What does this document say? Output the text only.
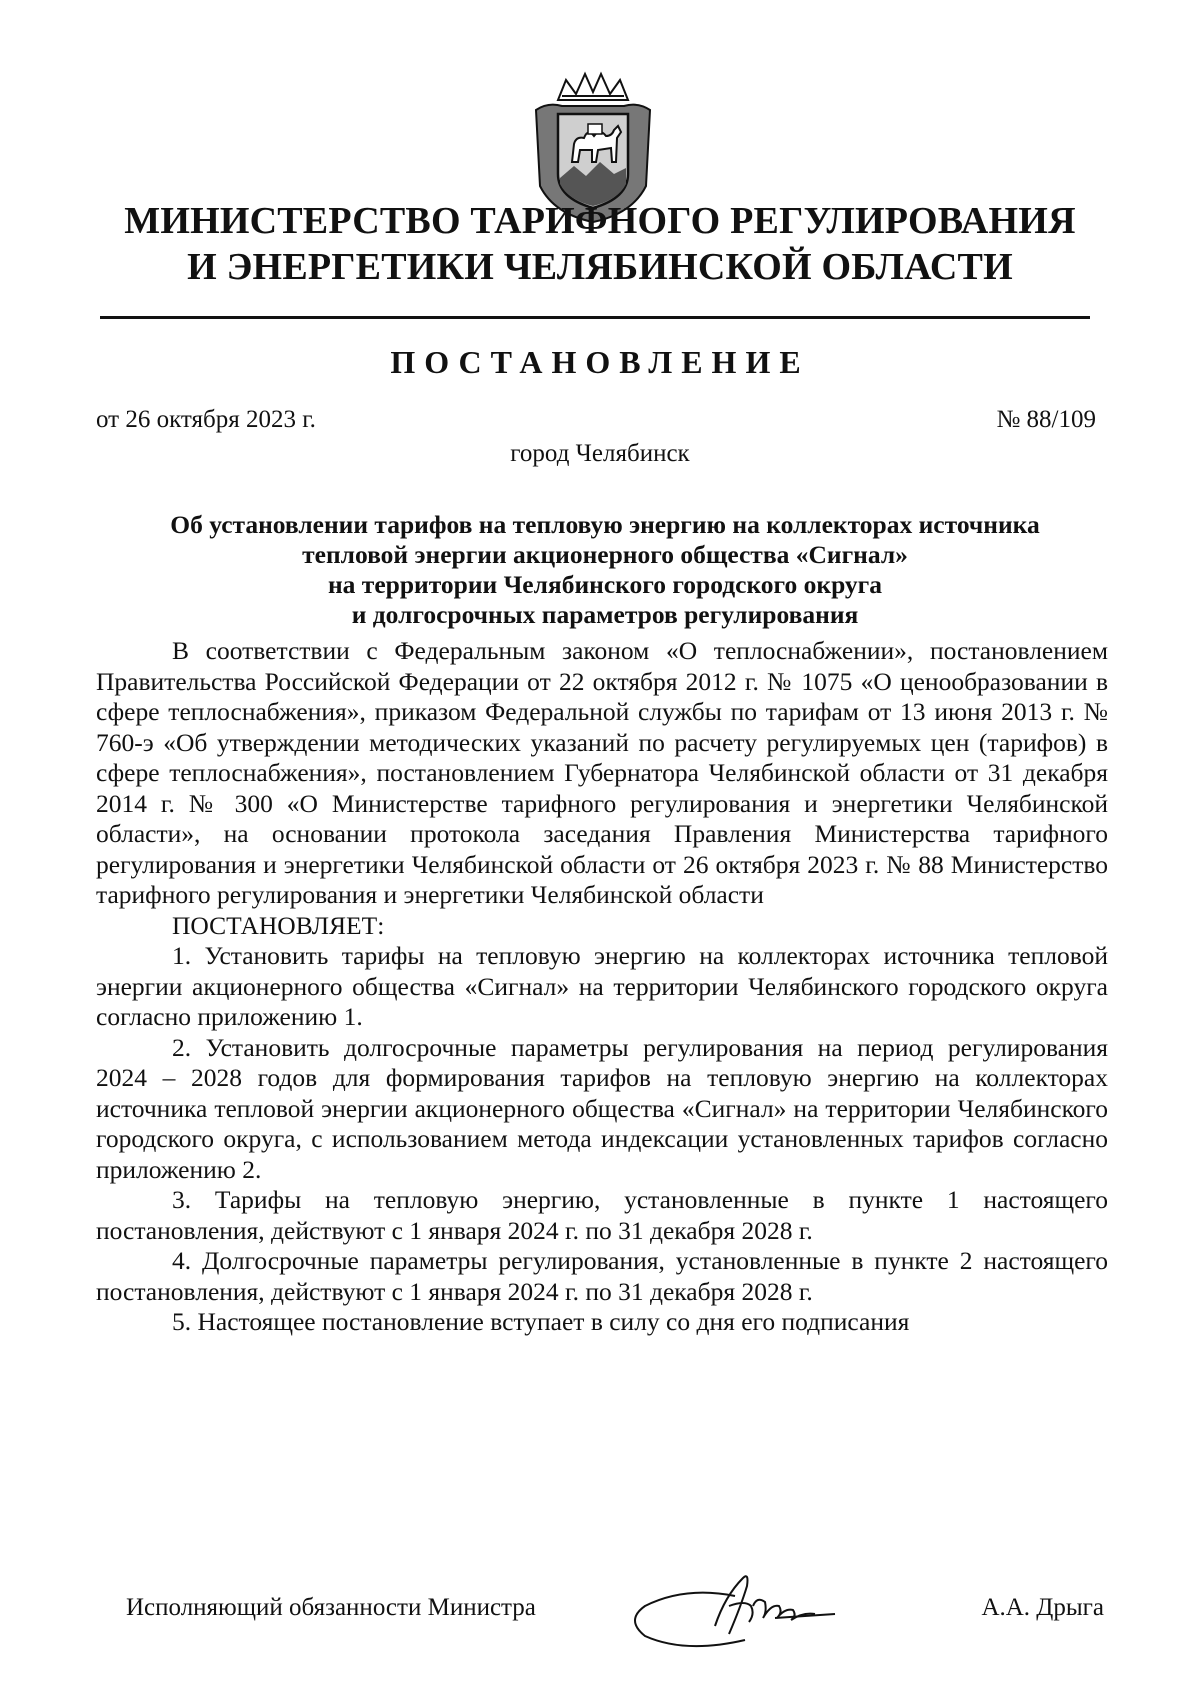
МИНИСТЕРСТВО ТАРИФНОГО РЕГУЛИРОВАНИЯ
И ЭНЕРГЕТИКИ ЧЕЛЯБИНСКОЙ ОБЛАСТИ
ПОСТАНОВЛЕНИЕ
от 26 октября 2023 г.	№ 88/109
город Челябинск
Об установлении тарифов на тепловую энергию на коллекторах источника
тепловой энергии акционерного общества «Сигнал»
на территории Челябинского городского округа
и долгосрочных параметров регулирования

В соответствии с Федеральным законом «О теплоснабжении», постановлением Правительства Российской Федерации от 22 октября 2012 г. № 1075 «О ценообразовании в сфере теплоснабжения», приказом Федеральной службы по тарифам от 13 июня 2013 г. № 760-э «Об утверждении методических указаний по расчету регулируемых цен (тарифов) в сфере теплоснабжения», постановлением Губернатора Челябинской области от 31 декабря 2014 г. № 300 «О Министерстве тарифного регулирования и энергетики Челябинской области», на основании протокола заседания Правления Министерства тарифного регулирования и энергетики Челябинской области от 26 октября 2023 г. № 88 Министерство тарифного регулирования и энергетики Челябинской области

ПОСТАНОВЛЯЕТ:

1. Установить тарифы на тепловую энергию на коллекторах источника тепловой энергии акционерного общества «Сигнал» на территории Челябинского городского округа согласно приложению 1.

2. Установить долгосрочные параметры регулирования на период регулирования 2024 – 2028 годов для формирования тарифов на тепловую энергию на коллекторах источника тепловой энергии акционерного общества «Сигнал» на территории Челябинского городского округа, с использованием метода индексации установленных тарифов согласно приложению 2.

3. Тарифы на тепловую энергию, установленные в пункте 1 настоящего постановления, действуют с 1 января 2024 г. по 31 декабря 2028 г.

4. Долгосрочные параметры регулирования, установленные в пункте 2 настоящего постановления, действуют с 1 января 2024 г. по 31 декабря 2028 г.

5. Настоящее постановление вступает в силу со дня его подписания

Исполняющий обязанности Министра	А.А. Дрыга
